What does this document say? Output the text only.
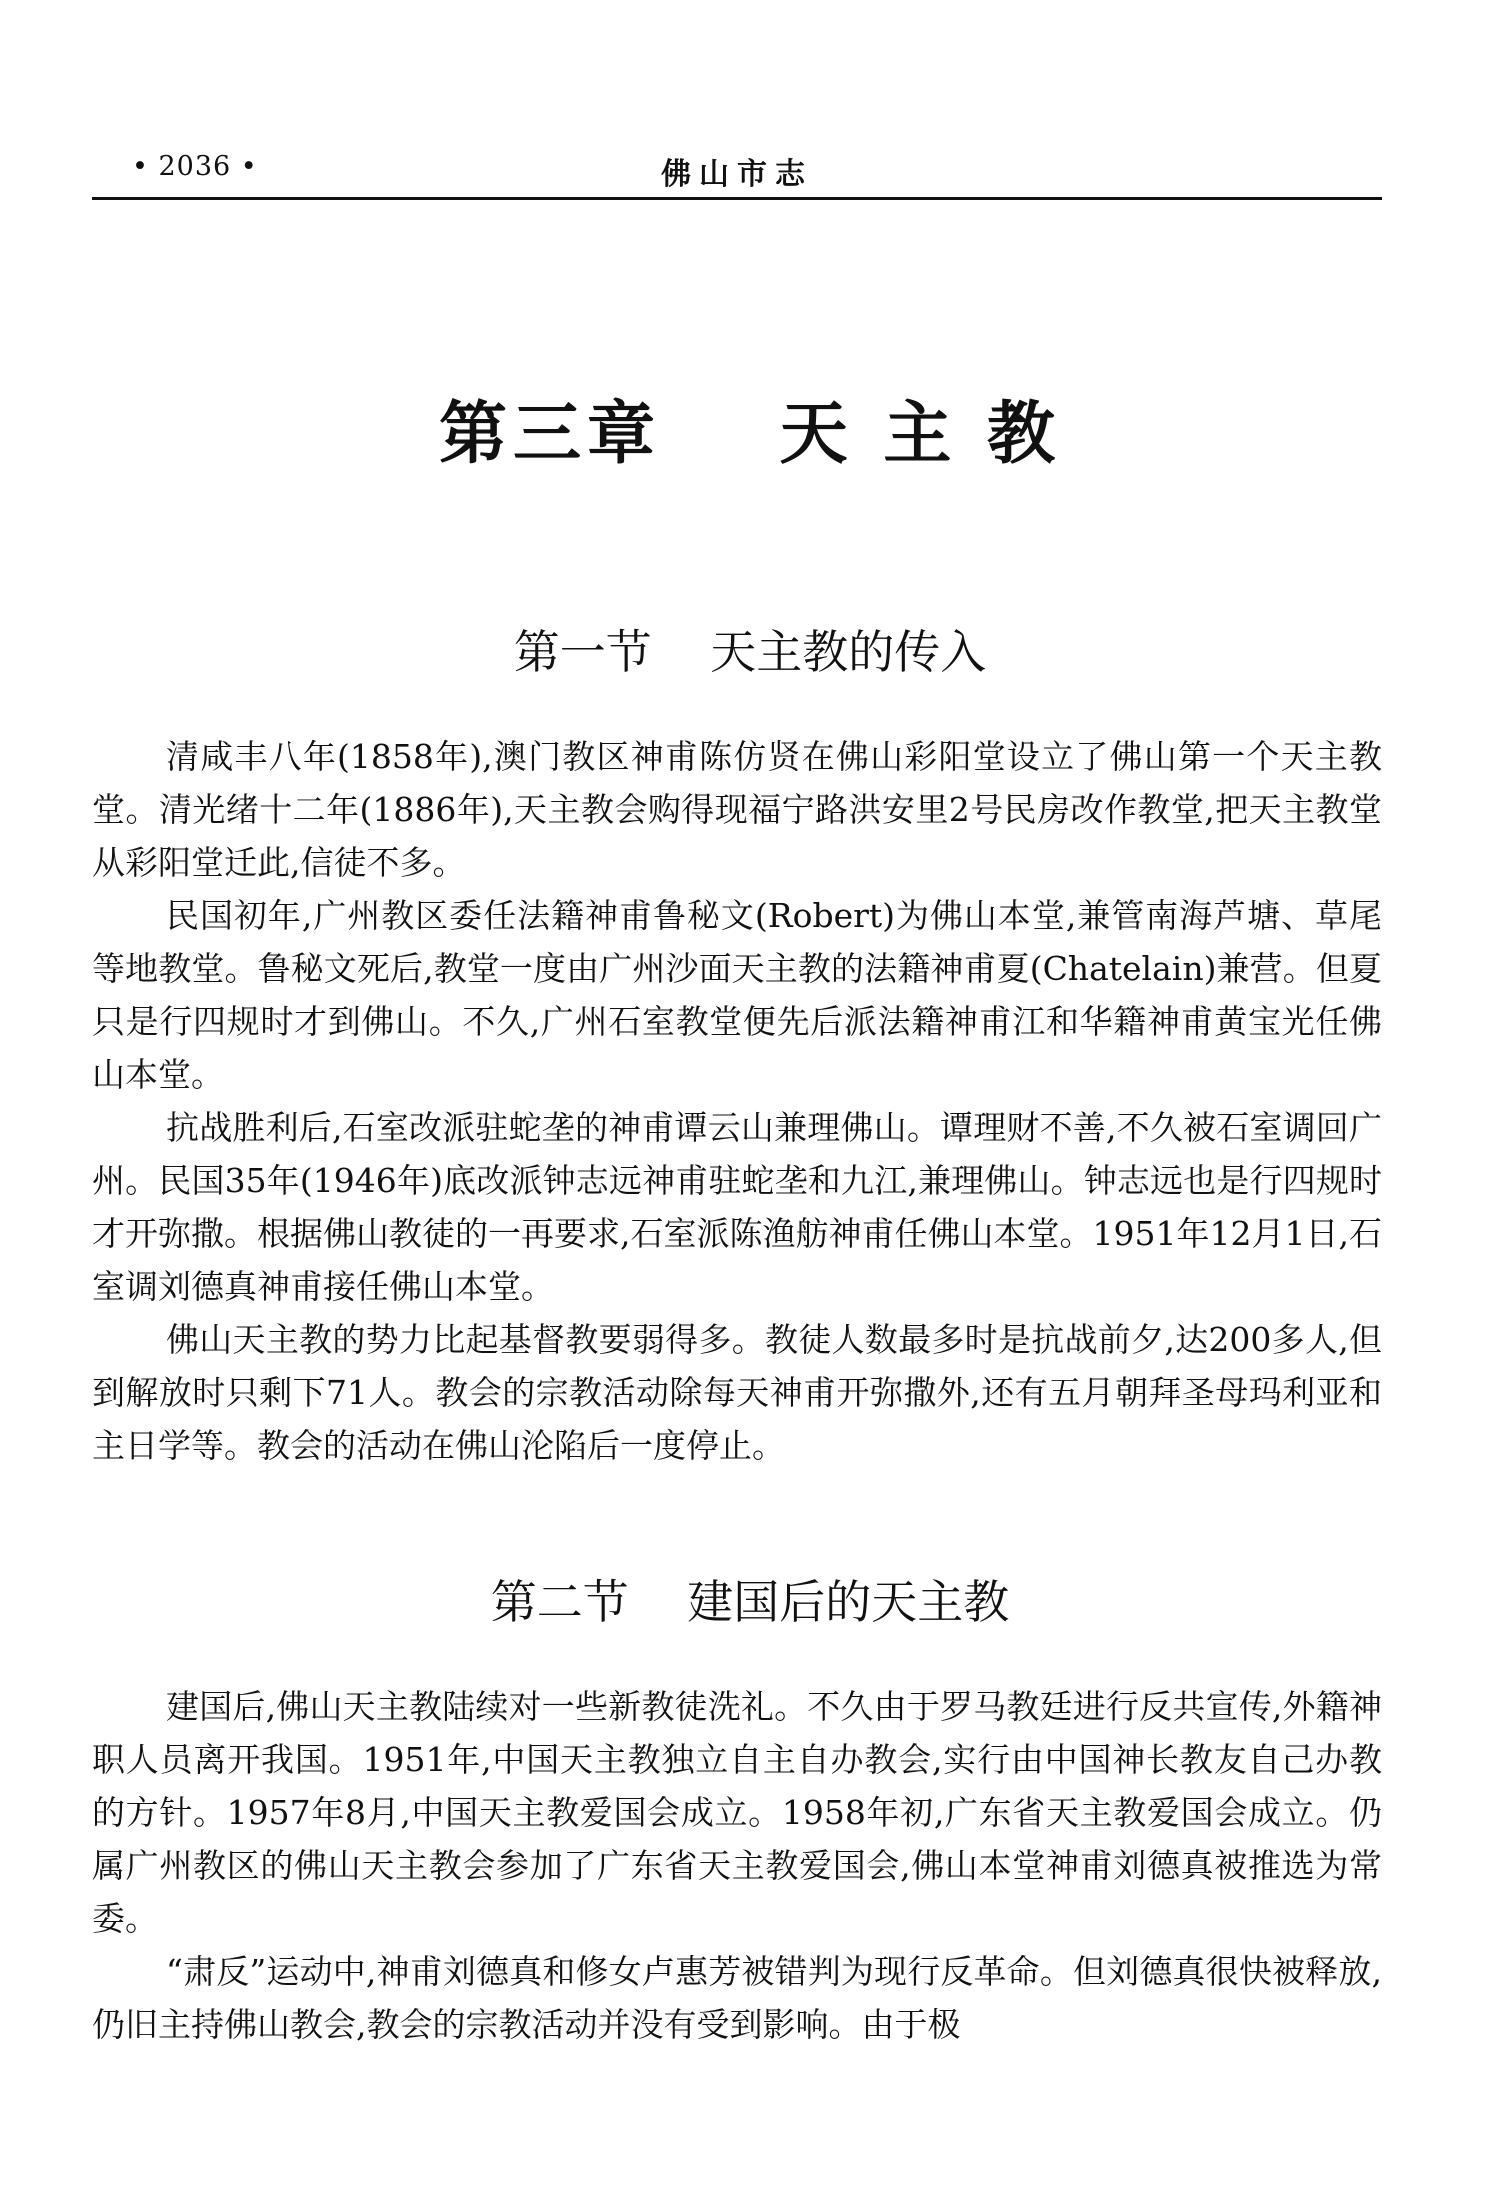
• 2036 •	佛山市志
第三章    天 主 教
第一节    天主教的传入

清咸丰八年(1858年),澳门教区神甫陈仿贤在佛山彩阳堂设立了佛山第一个天主教堂。清光绪十二年(1886年),天主教会购得现福宁路洪安里2号民房改作教堂,把天主教堂从彩阳堂迁此,信徒不多。

民国初年,广州教区委任法籍神甫鲁秘文(Robert)为佛山本堂,兼管南海芦塘、草尾等地教堂。鲁秘文死后,教堂一度由广州沙面天主教的法籍神甫夏(Chatelain)兼营。但夏只是行四规时才到佛山。不久,广州石室教堂便先后派法籍神甫江和华籍神甫黄宝光任佛山本堂。

抗战胜利后,石室改派驻蛇垄的神甫谭云山兼理佛山。谭理财不善,不久被石室调回广州。民国35年(1946年)底改派钟志远神甫驻蛇垄和九江,兼理佛山。钟志远也是行四规时才开弥撒。根据佛山教徒的一再要求,石室派陈渔舫神甫任佛山本堂。1951年12月1日,石室调刘德真神甫接任佛山本堂。

佛山天主教的势力比起基督教要弱得多。教徒人数最多时是抗战前夕,达200多人,但到解放时只剩下71人。教会的宗教活动除每天神甫开弥撒外,还有五月朝拜圣母玛利亚和主日学等。教会的活动在佛山沦陷后一度停止。

第二节    建国后的天主教

建国后,佛山天主教陆续对一些新教徒洗礼。不久由于罗马教廷进行反共宣传,外籍神职人员离开我国。1951年,中国天主教独立自主自办教会,实行由中国神长教友自己办教 的方针。1957年8月,中国天主教爱国会成立。1958年初,广东省天主教爱国会成立。仍属广州教区的佛山天主教会参加了广东省天主教爱国会,佛山本堂神甫刘德真被推选为常委。

“肃反”运动中,神甫刘德真和修女卢惠芳被错判为现行反革命。但刘德真很快被释放,仍旧主持佛山教会,教会的宗教活动并没有受到影响。由于极
